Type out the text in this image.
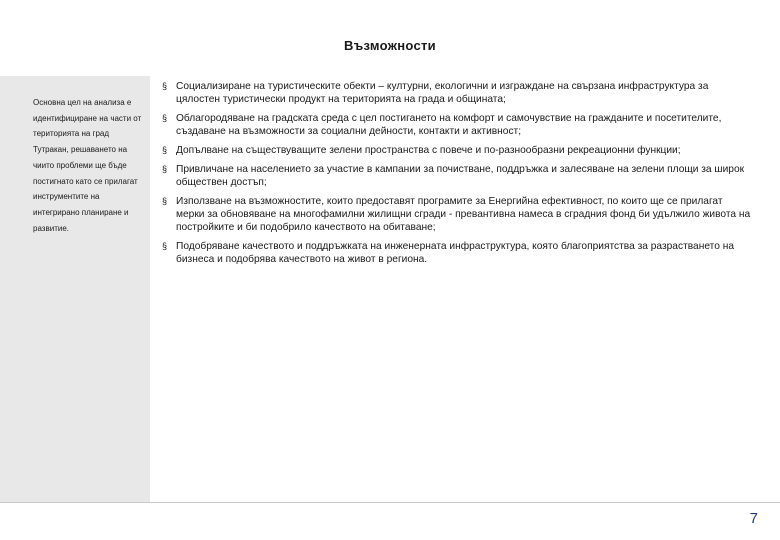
Възможности
Основна цел на анализа е идентифициране на части от територията на град Тутракан, решаването на чиито проблеми ще бъде постигнато като се прилагат инструментите на интегрирано планиране и развитие.
§ Социализиране на туристическите обекти – културни, екологични и изграждане на свързана инфраструктура за цялостен туристически продукт на територията на града и общината;
§ Облагородяване на градската среда с цел постигането на комфорт и самочувствие на гражданите и посетителите, създаване на възможности за социални дейности, контакти и активност;
§ Допълване на съществуващите зелени пространства с повече и по-разнообразни рекреационни функции;
§ Привличане на населението за участие в кампании за почистване, поддръжка и залесяване на зелени площи за широк обществен достъп;
§ Използване на възможностите, които предоставят програмите за Енергийна ефективност, по които ще се прилагат мерки за обновяване на многофамилни жилищни сгради - превантивна намеса в сградния фонд би удължило живота на постройките и би подобрило качеството на обитаване;
§ Подобряване качеството и поддръжката на инженерната инфраструктура, която благоприятства за разрастването на бизнеса и подобрява качеството на живот в региона.
7
